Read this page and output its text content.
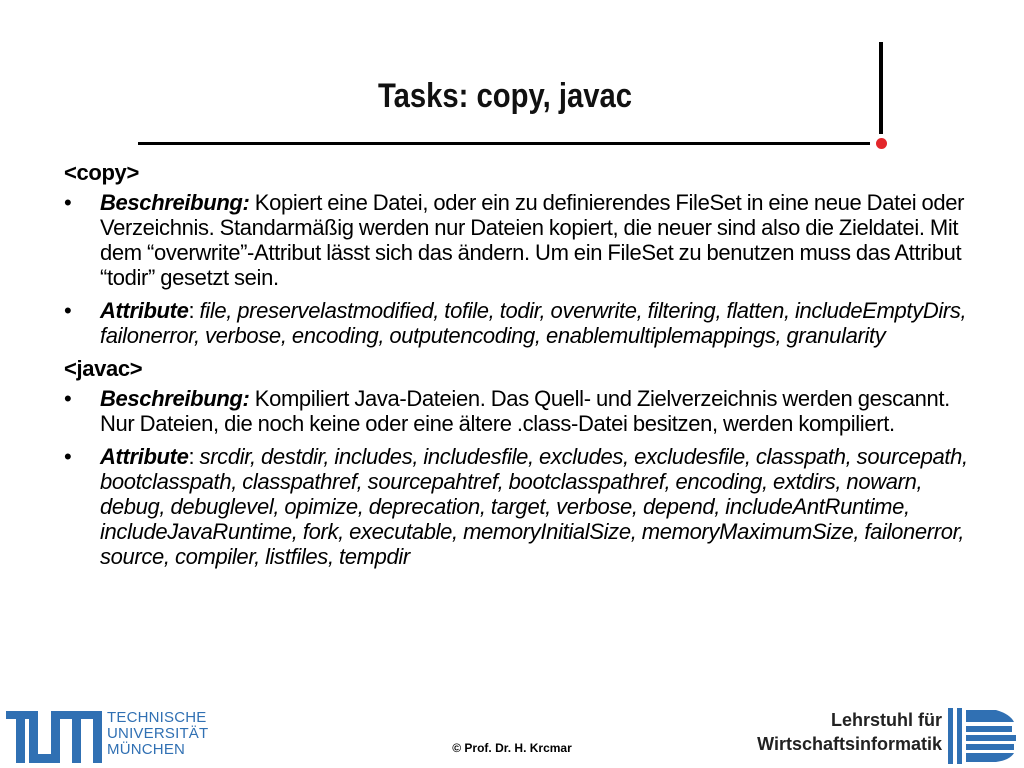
Tasks: copy, javac

<copy>

• Beschreibung: Kopiert eine Datei, oder ein zu definierendes FileSet in eine neue Datei oder Verzeichnis. Standarmäßig werden nur Dateien kopiert, die neuer sind also die Zieldatei. Mit dem “overwrite”-Attribut lässt sich das ändern. Um ein FileSet zu benutzen muss das Attribut “todir” gesetzt sein.
• Attribute: file, preservelastmodified, tofile, todir, overwrite, filtering, flatten, includeEmptyDirs, failonerror, verbose, encoding, outputencoding, enablemultiplemappings, granularity

<javac>

• Beschreibung: Kompiliert Java-Dateien. Das Quell- und Zielverzeichnis werden gescannt. Nur Dateien, die noch keine oder eine ältere .class-Datei besitzen, werden kompiliert.
• Attribute: srcdir, destdir, includes, includesfile, excludes, excludesfile, classpath, sourcepath, bootclasspath, classpathref, sourcepahtref, bootclasspathref, encoding, extdirs, nowarn, debug, debuglevel, opimize, deprecation, target, verbose, depend, includeAntRuntime, includeJavaRuntime, fork, executable, memoryInitialSize, memoryMaximumSize, failonerror, source, compiler, listfiles, tempdir
TECHNISCHE
UNIVERSITÄT
MÜNCHEN	© Prof. Dr. H. Krcmar
Lehrstuhl für
Wirtschaftsinformatik
